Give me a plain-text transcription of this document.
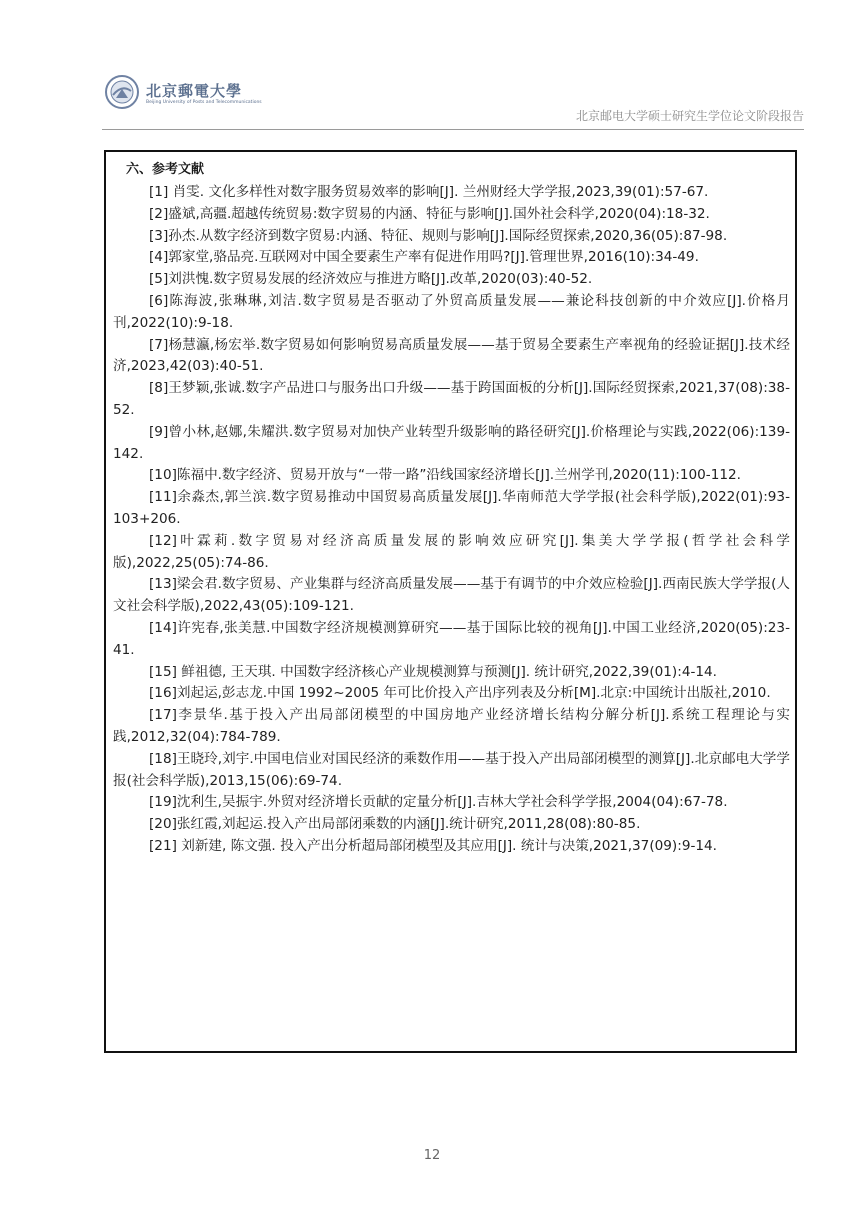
北京郵電大學
Beijing University of Posts and Telecommunications
北京邮电大学硕士研究生学位论文阶段报告
六、参考文献
[1] 肖雯. 文化多样性对数字服务贸易效率的影响[J]. 兰州财经大学学报,2023,39(01):57-67.
[2]盛斌,高疆.超越传统贸易:数字贸易的内涵、特征与影响[J].国外社会科学,2020(04):18-32.
[3]孙杰.从数字经济到数字贸易:内涵、特征、规则与影响[J].国际经贸探索,2020,36(05):87-98.
[4]郭家堂,骆品亮.互联网对中国全要素生产率有促进作用吗?[J].管理世界,2016(10):34-49.
[5]刘洪愧.数字贸易发展的经济效应与推进方略[J].改革,2020(03):40-52.
[6]陈海波,张琳琳,刘洁.数字贸易是否驱动了外贸高质量发展——兼论科技创新的中介效应[J].价格月刊,2022(10):9-18.
[7]杨慧瀛,杨宏举.数字贸易如何影响贸易高质量发展——基于贸易全要素生产率视角的经验证据[J].技术经济,2023,42(03):40-51.
[8]王梦颖,张诚.数字产品进口与服务出口升级——基于跨国面板的分析[J].国际经贸探索,2021,37(08):38-52.
[9]曾小林,赵娜,朱耀洪.数字贸易对加快产业转型升级影响的路径研究[J].价格理论与实践,2022(06):139-142.
[10]陈福中.数字经济、贸易开放与“一带一路”沿线国家经济增长[J].兰州学刊,2020(11):100-112.
[11]余淼杰,郭兰滨.数字贸易推动中国贸易高质量发展[J].华南师范大学学报(社会科学版),2022(01):93-103+206.
[12]叶霖莉.数字贸易对经济高质量发展的影响效应研究[J].集美大学学报(哲学社会科学版),2022,25(05):74-86.
[13]梁会君.数字贸易、产业集群与经济高质量发展——基于有调节的中介效应检验[J].西南民族大学学报(人文社会科学版),2022,43(05):109-121.
[14]许宪春,张美慧.中国数字经济规模测算研究——基于国际比较的视角[J].中国工业经济,2020(05):23-41.
[15] 鲜祖德, 王天琪. 中国数字经济核心产业规模测算与预测[J]. 统计研究,2022,39(01):4-14.
[16]刘起运,彭志龙.中国 1992~2005 年可比价投入产出序列表及分析[M].北京:中国统计出版社,2010.
[17]李景华.基于投入产出局部闭模型的中国房地产业经济增长结构分解分析[J].系统工程理论与实践,2012,32(04):784-789.
[18]王晓玲,刘宇.中国电信业对国民经济的乘数作用——基于投入产出局部闭模型的测算[J].北京邮电大学学报(社会科学版),2013,15(06):69-74.
[19]沈利生,吴振宇.外贸对经济增长贡献的定量分析[J].吉林大学社会科学学报,2004(04):67-78.
[20]张红霞,刘起运.投入产出局部闭乘数的内涵[J].统计研究,2011,28(08):80-85.
[21] 刘新建, 陈文强. 投入产出分析超局部闭模型及其应用[J]. 统计与决策,2021,37(09):9-14.
12
